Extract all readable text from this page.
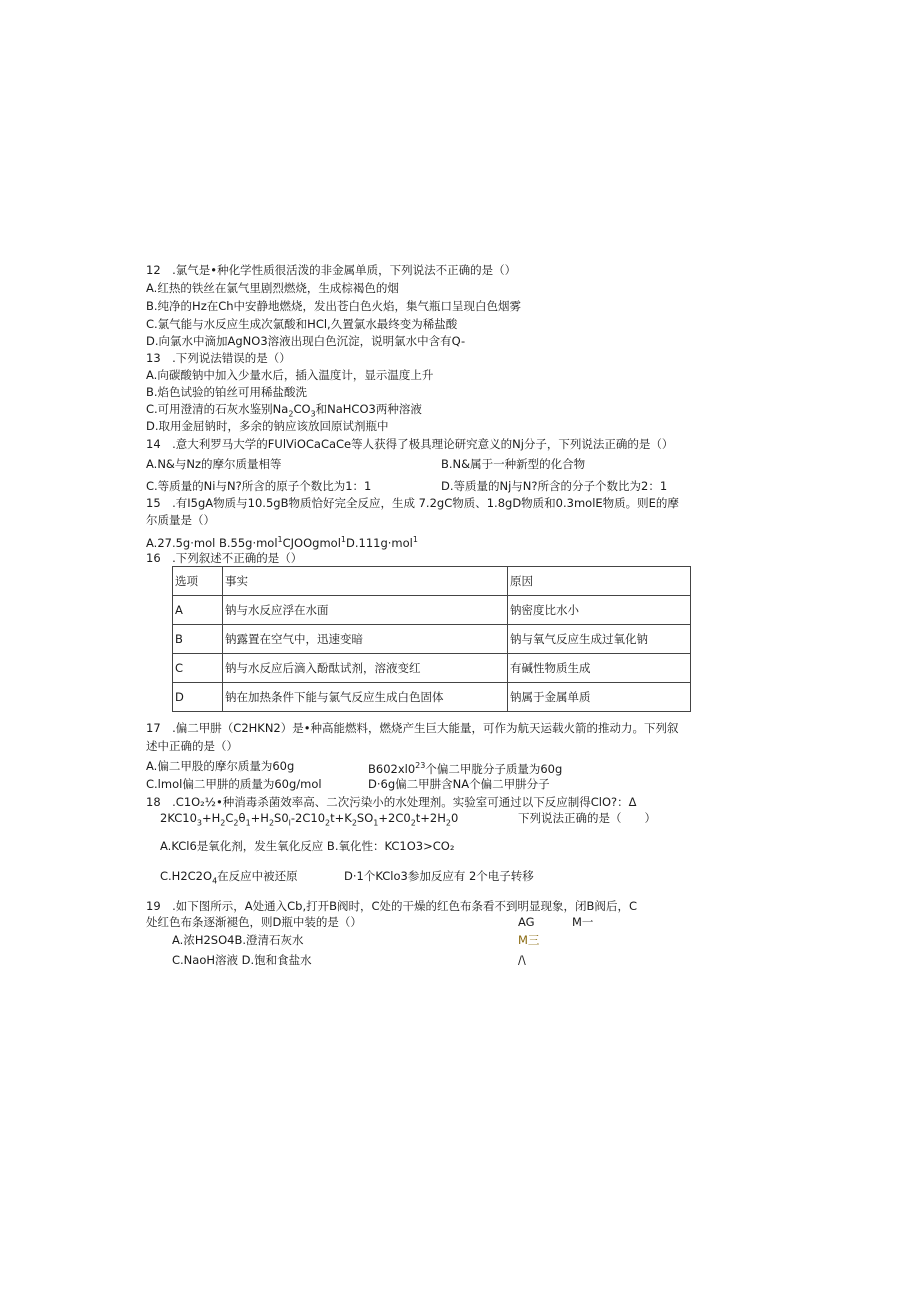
12　.氯气是•种化学性质很活泼的非金属单质，下列说法不正确的是（）
A.红热的铁丝在氯气里剧烈燃烧，生成棕褐色的烟
B.纯净的Hz在Ch中安静地燃烧，发出苍白色火焰，集气瓶口呈现白色烟雾
C.氯气能与水反应生成次氯酸和HCl,久置氯水最终变为稀盐酸
D.向氯水中滴加AgNO3溶液出现白色沉淀，说明氯水中含有Q-
13　.下列说法错误的是（）
A.向碳酸钠中加入少量水后，插入温度计，显示温度上升
B.焰色试验的铂丝可用稀盐酸洗
C.可用澄清的石灰水鉴别$Na_2CO_3$和NaHCO3两种溶液
D.取用金屈钠时，多余的钠应该放回原试剂瓶中
14　.意大利罗马大学的FUlViOCaCaCe等人获得了极具理论研究意义的Nj分子，下列说法正确的是（）
A.N&与Nz的摩尔质量相等	B.N&属于一种新型的化合物
C.等质量的Ni与N?所含的原子个数比为1：1	D.等质量的Nj与N?所含的分子个数比为2：1
15　.有I5gA物质与10.5gB物质恰好完全反应，生成 7.2gC物质、1.8gD物质和0.3molE物质。则E的摩
尔质量是（）
A.27.5g·mol B.55g·mol$^1$CJOOgmol$^1$D.111g·mol$^1$
16　.下列叙述不正确的是（）
选项	事实	原因
A	钠与水反应浮在水面	钠密度比水小
B	钠露置在空气中，迅速变暗	钠与氧气反应生成过氧化钠
C	钠与水反应后滴入酚酞试剂，溶液变红	有碱性物质生成
D	钠在加热条件下能与氯气反应生成白色固体	钠属于金属单质
17　.偏二甲肼（C2HKN2）是•种高能燃料，燃烧产生巨大能量，可作为航天运载火箭的推动力。下列叙
述中正确的是（）
A.偏二甲股的摩尔质量为60g	$B602xl0^{23}$个偏二甲胧分子质量为60g
C.lmol偏二甲肼的质量为60g/mol	D·6g偏二甲肼含NA个偏二甲肼分子
18　.C1O₂½•种消毒杀菌效率高、二次污染小的水处理剂。实验室可通过以下反应制得ClO?：Δ
$2KC10_3+H_2C_2\theta_1+H_2S0_l-2C10_2t+K_2SO_1+2C0_2t+2H_20$	下列说法正确的是（　　）
A.KCl6是氧化剂，发生氧化反应 B.氧化性：KC1O3>CO₂
$C.H2C2O_4$在反应中被还原	D·1个KClo3参加反应有 2个电子转移
19　.如下图所示，A处通入Cb,打开B阀时，C处的干燥的红色布条看不到明显现象，闭B阀后，C
处红色布条逐渐褪色，则D瓶中装的是（）	AG	M一
A.浓H2SO4B.澄清石灰水	M三
C.NaoH溶液 D.饱和食盐水	/\
